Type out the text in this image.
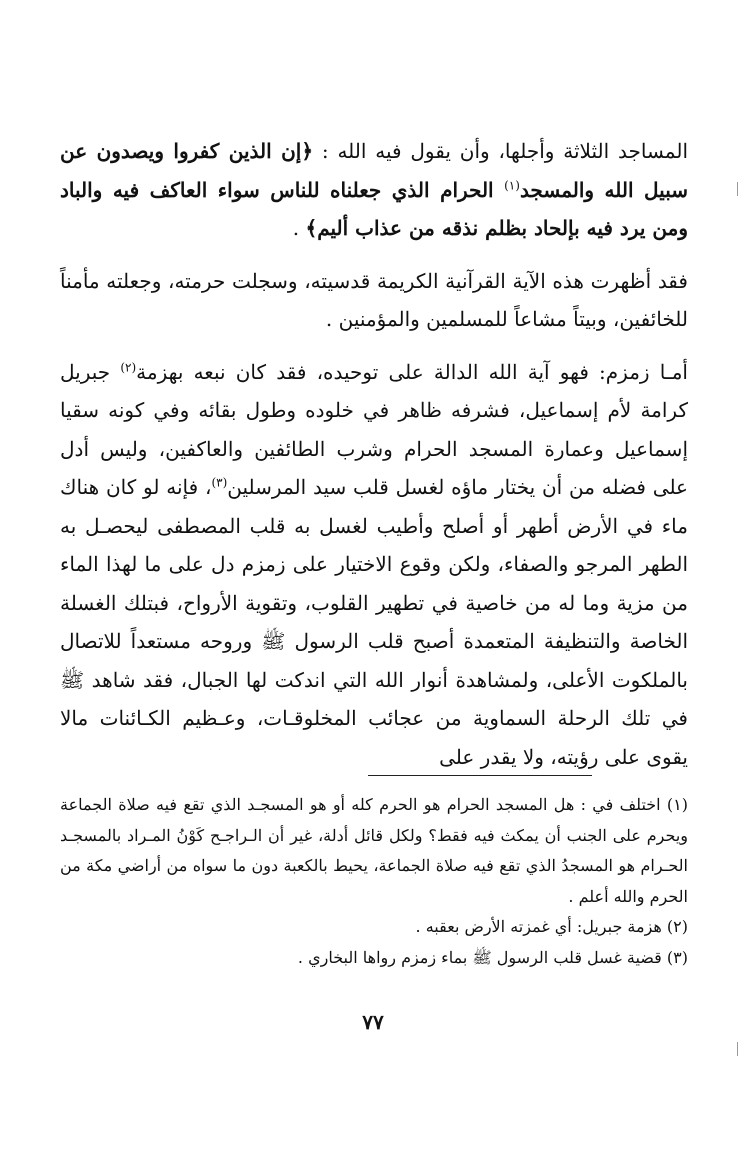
المساجد الثلاثة وأجلها، وأن يقول فيه الله : ﴿إن الذين كفروا ويصدون عن سبيل الله والمسجد$^{(١)}$ الحرام الذي جعلناه للناس سواء العاكف فيه والباد ومن يرد فيه بإلحاد بظلم نذقه من عذاب أليم﴾ .

فقد أظهرت هذه الآية القرآنية الكريمة قدسيته، وسجلت حرمته، وجعلته مأمناً للخائفين، وبيتاً مشاعاً للمسلمين والمؤمنين .

أمـا زمزم: فهو آية الله الدالة على توحيده، فقد كان نبعه بهزمة$^{(٢)}$ جبريل كرامة لأم إسماعيل، فشرفه ظاهر في خلوده وطول بقائه وفي كونه سقيا إسماعيل وعمارة المسجد الحرام وشرب الطائفين والعاكفين، وليس أدل على فضله من أن يختار ماؤه لغسل قلب سيد المرسلين$^{(٣)}$، فإنه لو كان هناك ماء في الأرض أطهر أو أصلح وأطيب لغسل به قلب المصطفى ليحصـل به الطهر المرجو والصفاء، ولكن وقوع الاختيار على زمزم دل على ما لهذا الماء من مزية وما له من خاصية في تطهير القلوب، وتقوية الأرواح، فبتلك الغسلة الخاصة والتنظيفة المتعمدة أصبح قلب الرسول ﷺ وروحه مستعداً للاتصال بالملكوت الأعلى، ولمشاهدة أنوار الله التي اندكت لها الجبال، فقد شاهد ﷺ في تلك الرحلة السماوية من عجائب المخلوقـات، وعـظيم الكـائنات مالا يقوى على رؤيته، ولا يقدر على

(١) اختلف في : هل المسجد الحرام هو الحرم كله أو هو المسجـد الذي تقع فيه صلاة الجماعة ويحرم على الجنب أن يمكث فيه فقط؟ ولكل قائل أدلة، غير أن الـراجـح كَوْنُ المـراد بالمسجـد الحـرام هو المسجدُ الذي تقع فيه صلاة الجماعة، يحيط بالكعبة دون ما سواه من أراضي مكة من الحرم والله أعلم .

(٢) هزمة جبريل: أي غمزته الأرض بعقبه .

(٣) قضية غسل قلب الرسول ﷺ بماء زمزم رواها البخاري .

٧٧
